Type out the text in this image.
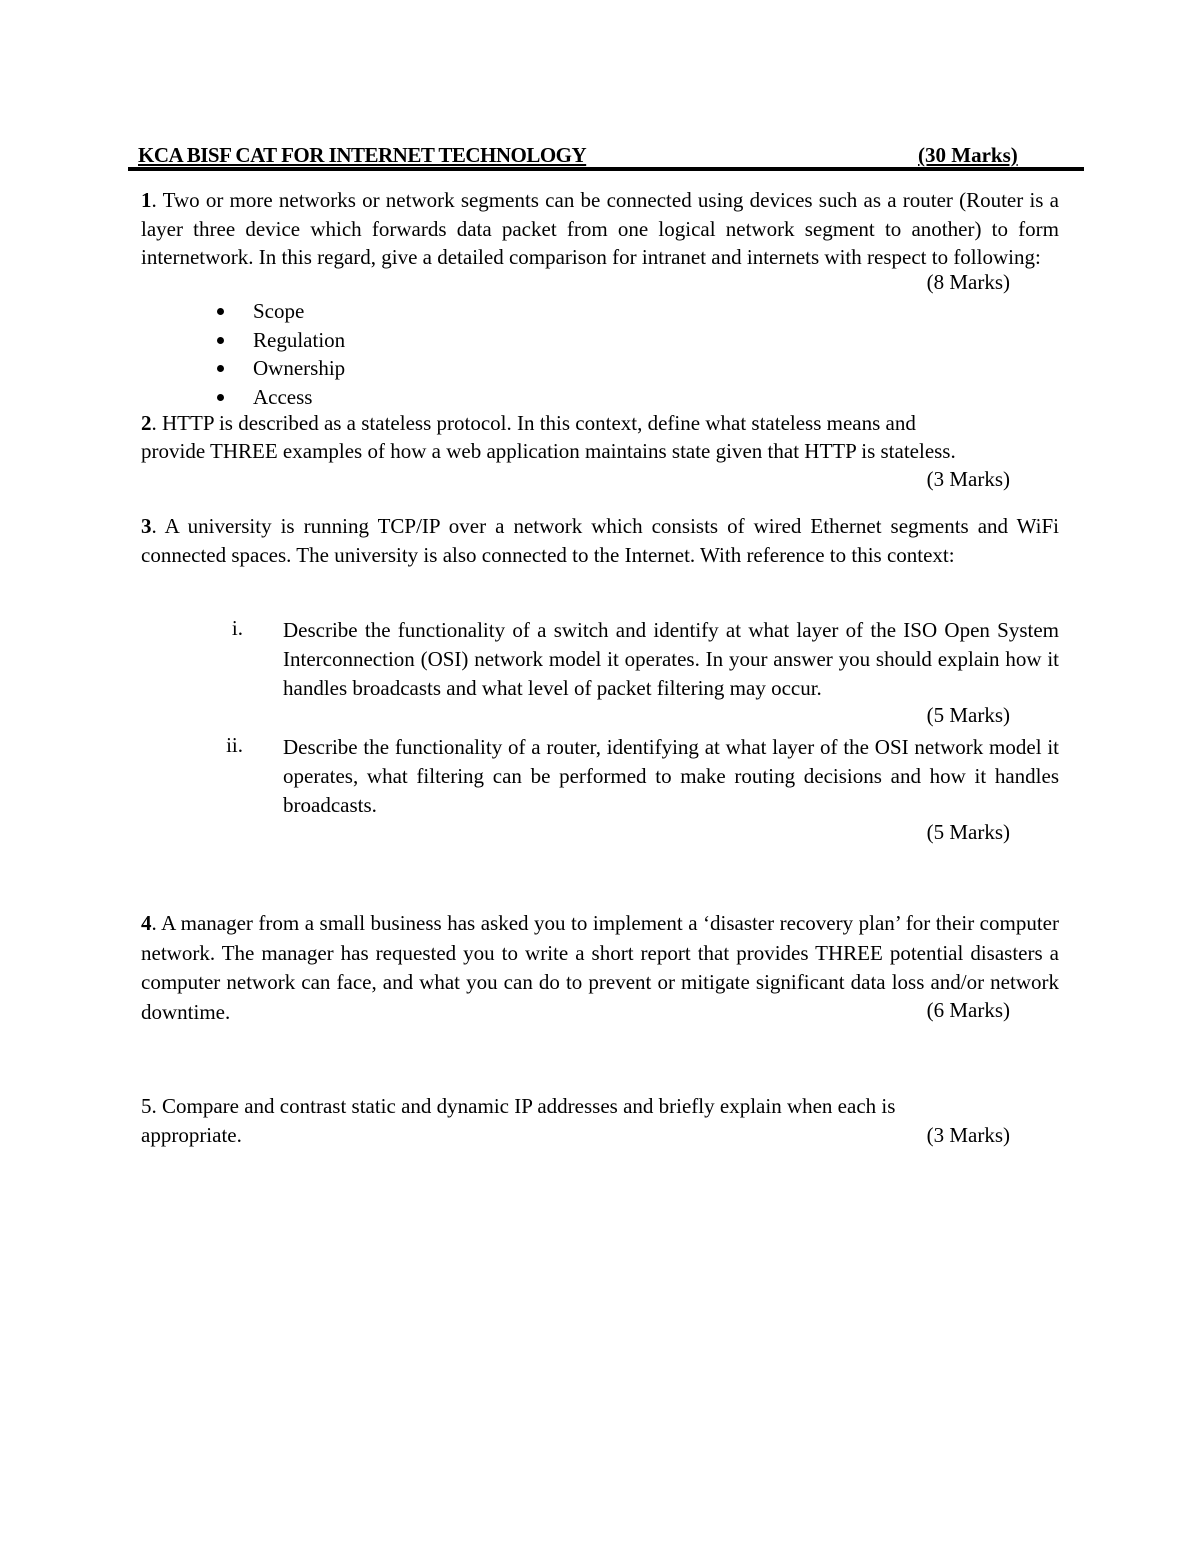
KCA BISF CAT FOR INTERNET TECHNOLOGY	(30 Marks)
1. Two or more networks or network segments can be connected using devices such as a router (Router is a layer three device which forwards data packet from one logical network segment to another) to form internetwork. In this regard, give a detailed comparison for intranet and internets with respect to following:
(8 Marks)
Scope
Regulation
Ownership
Access
2. HTTP is described as a stateless protocol. In this context, define what stateless means and
provide THREE examples of how a web application maintains state given that HTTP is stateless.
(3 Marks)
3. A university is running TCP/IP over a network which consists of wired Ethernet segments and WiFi connected spaces. The university is also connected to the Internet. With reference to this context:
i. Describe the functionality of a switch and identify at what layer of the ISO Open System Interconnection (OSI) network model it operates. In your answer you should explain how it handles broadcasts and what level of packet filtering may occur.
(5 Marks)
ii. Describe the functionality of a router, identifying at what layer of the OSI network model it operates, what filtering can be performed to make routing decisions and how it handles broadcasts.
(5 Marks)
4. A manager from a small business has asked you to implement a ‘disaster recovery plan’ for their computer network. The manager has requested you to write a short report that provides THREE potential disasters a computer network can face, and what you can do to prevent or mitigate significant data loss and/or network downtime.	(6 Marks)
5. Compare and contrast static and dynamic IP addresses and briefly explain when each is
appropriate.	(3 Marks)
